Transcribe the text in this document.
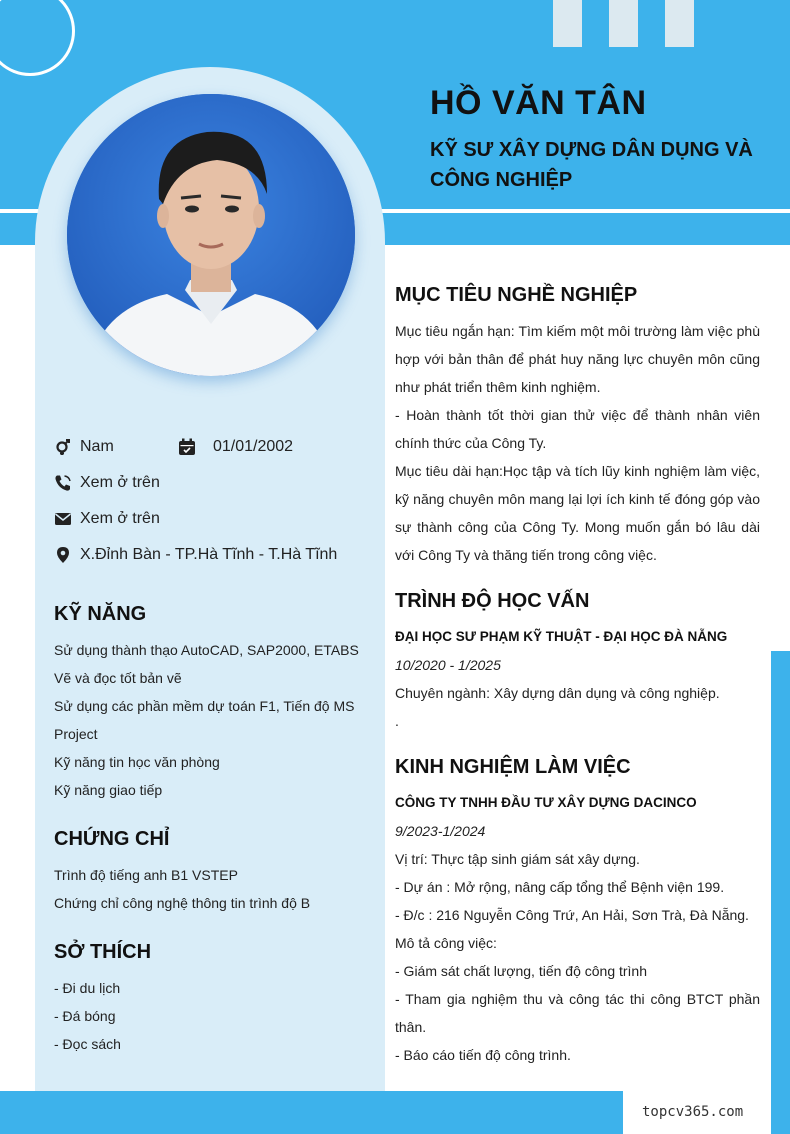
HỒ VĂN TÂN
KỸ SƯ XÂY DỰNG DÂN DỤNG VÀ CÔNG NGHIỆP
Nam	01/01/2002
Xem ở trên
Xem ở trên
X.Đỉnh Bàn - TP.Hà Tĩnh - T.Hà Tĩnh
KỸ NĂNG
Sử dụng thành thạo AutoCAD, SAP2000, ETABS
Vẽ và đọc tốt bản vẽ
Sử dụng các phần mềm dự toán F1, Tiến độ MS Project
Kỹ năng tin học văn phòng
Kỹ năng giao tiếp
CHỨNG CHỈ
Trình độ tiếng anh B1 VSTEP
Chứng chỉ công nghệ thông tin trình độ B
SỞ THÍCH
- Đi du lịch
- Đá bóng
- Đọc sách
MỤC TIÊU NGHỀ NGHIỆP

Mục tiêu ngắn hạn: Tìm kiếm một môi trường làm việc phù hợp với bản thân để phát huy năng lực chuyên môn cũng như phát triển thêm kinh nghiệm.

- Hoàn thành tốt thời gian thử việc để thành nhân viên chính thức của Công Ty.

Mục tiêu dài hạn:Học tập và tích lũy kinh nghiệm làm việc, kỹ năng chuyên môn mang lại lợi ích kinh tế đóng góp vào sự thành công của Công Ty. Mong muốn gắn bó lâu dài với Công Ty và thăng tiến trong công việc.

TRÌNH ĐỘ HỌC VẤN

ĐẠI HỌC SƯ PHẠM KỸ THUẬT - ĐẠI HỌC ĐÀ NẴNG

10/2020 - 1/2025

Chuyên ngành: Xây dựng dân dụng và công nghiệp.

.

KINH NGHIỆM LÀM VIỆC

CÔNG TY TNHH ĐẦU TƯ XÂY DỰNG DACINCO

9/2023-1/2024

Vị trí: Thực tập sinh giám sát xây dựng.

- Dự án : Mở rộng, nâng cấp tổng thể Bệnh viện 199.

- Đ/c : 216 Nguyễn Công Trứ, An Hải, Sơn Trà, Đà Nẵng.

Mô tả công việc:

- Giám sát chất lượng, tiến độ công trình

- Tham gia nghiệm thu và công tác thi công BTCT phần thân.

- Báo cáo tiến độ công trình.

topcv365.com
